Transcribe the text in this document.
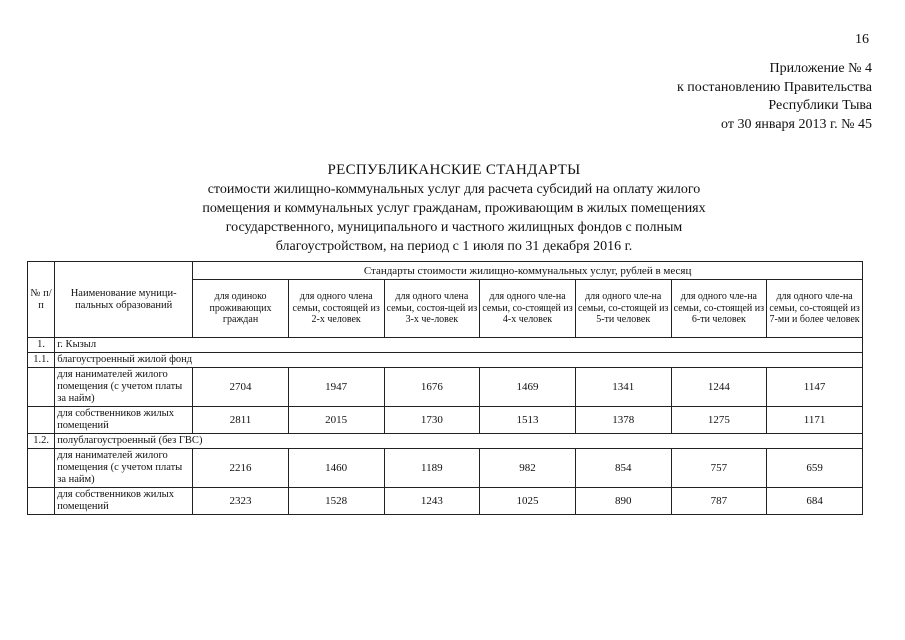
16
Приложение № 4
к постановлению Правительства
Республики Тыва
от 30 января 2013 г. № 45
РЕСПУБЛИКАНСКИЕ СТАНДАРТЫ
стоимости жилищно-коммунальных услуг для расчета субсидий на оплату жилого
помещения и коммунальных услуг гражданам, проживающим в жилых помещениях
государственного, муниципального и частного жилищных фондов с полным
благоустройством, на период с 1 июля по 31 декабря 2016 г.
№ п/п	Наименование муници-пальных образований	Стандарты стоимости жилищно-коммунальных услуг, рублей в месяц						
		для одиноко проживающих граждан	для одного члена семьи, состоящей из 2-х человек	для одного члена семьи, состоя-щей из 3-х че-ловек	для одного чле-на семьи, со-стоящей из 4-х человек	для одного чле-на семьи, со-стоящей из 5-ти человек	для одного чле-на семьи, со-стоящей из 6-ти человек	для одного чле-на семьи, со-стоящей из 7-ми и более человек
1.	г. Кызыл							
1.1.	благоустроенный жилой фонд							
	для нанимателей жилого помещения (с учетом платы за найм)	2704	1947	1676	1469	1341	1244	1147
	для собственников жилых помещений	2811	2015	1730	1513	1378	1275	1171
1.2.	полублагоустроенный (без ГВС)							
	для нанимателей жилого помещения (с учетом платы за найм)	2216	1460	1189	982	854	757	659
	для собственников жилых помещений	2323	1528	1243	1025	890	787	684
